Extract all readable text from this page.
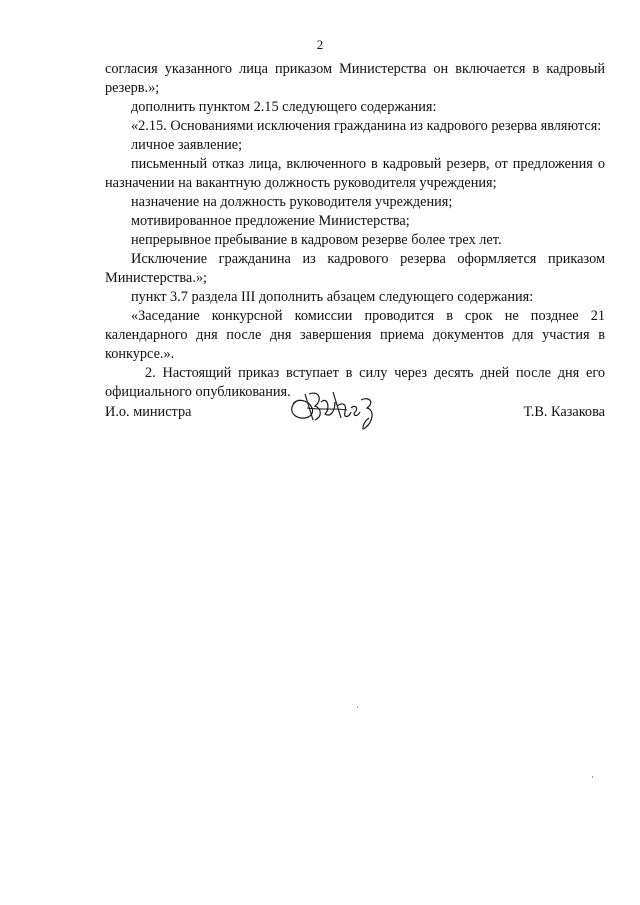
2

согласия указанного лица приказом Министерства он включается в кадровый резерв.»;

дополнить пунктом 2.15 следующего содержания:

«2.15. Основаниями исключения гражданина из кадрового резерва являются:

личное заявление;

письменный отказ лица, включенного в кадровый резерв, от предложения о назначении на вакантную должность руководителя учреждения;

назначение на должность руководителя учреждения;

мотивированное предложение Министерства;

непрерывное пребывание в кадровом резерве более трех лет.

Исключение гражданина из кадрового резерва оформляется приказом Министерства.»;

пункт 3.7 раздела III дополнить абзацем следующего содержания:

«Заседание конкурсной комиссии проводится в срок не позднее 21 календарного дня после дня завершения приема документов для участия в конкурсе.».

2. Настоящий приказ вступает в силу через десять дней после дня его официального опубликования.

И.о. министра	Т.В. Казакова
